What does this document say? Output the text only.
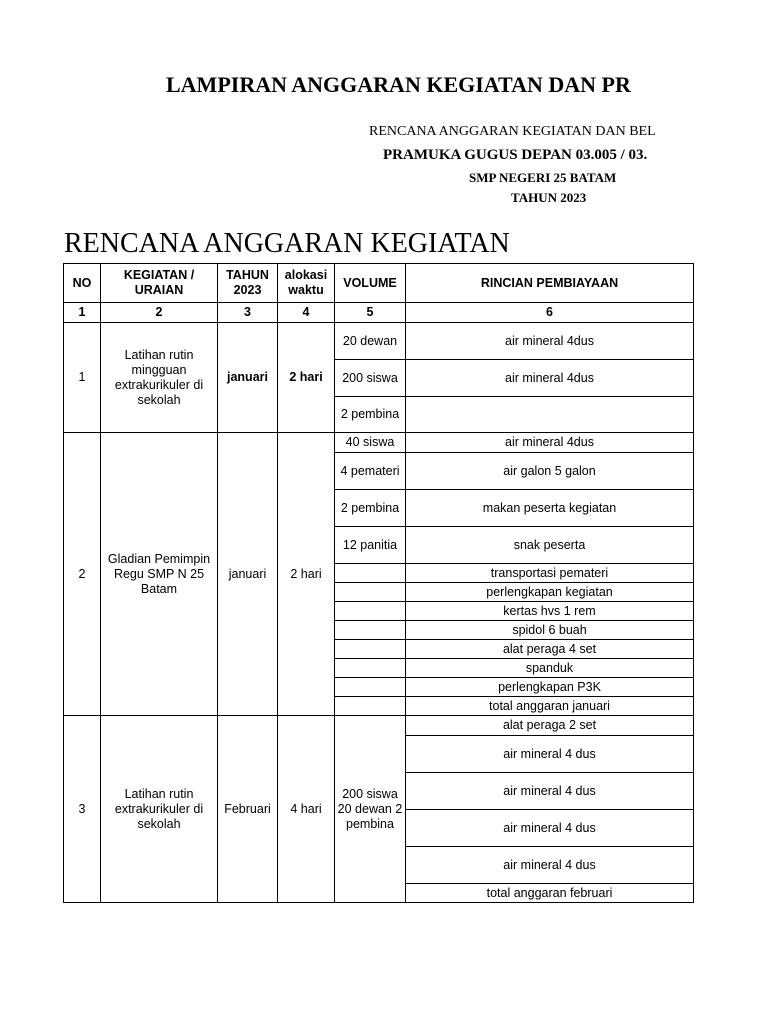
LAMPIRAN ANGGARAN KEGIATAN DAN PR
RENCANA ANGGARAN KEGIATAN DAN BEL
PRAMUKA GUGUS DEPAN 03.005 / 03.
SMP NEGERI 25 BATAM
TAHUN 2023
RENCANA ANGGARAN KEGIATAN
NO	KEGIATAN / URAIAN	TAHUN 2023	alokasi waktu	VOLUME	RINCIAN PEMBIAYAAN
1	2	3	4	5	6
1	Latihan rutin mingguan extrakurikuler di sekolah	januari	2 hari	20 dewan	air mineral 4dus
				200 siswa	air mineral 4dus
				2 pembina	
2	Gladian Pemimpin Regu SMP N 25 Batam	januari	2 hari	40 siswa	air mineral 4dus
				4 pemateri	air galon 5 galon
				2 pembina	makan peserta kegiatan
				12 panitia	snak peserta
					transportasi pemateri
					perlengkapan kegiatan
					kertas hvs 1 rem
					spidol 6 buah
					alat peraga 4 set
					spanduk
					perlengkapan P3K
					total anggaran januari
3	Latihan rutin extrakurikuler di sekolah	Februari	4 hari	200 siswa 20 dewan 2 pembina	alat peraga 2 set
					air mineral 4 dus
					air mineral 4 dus
					air mineral 4 dus
					air mineral 4 dus
					total anggaran februari
